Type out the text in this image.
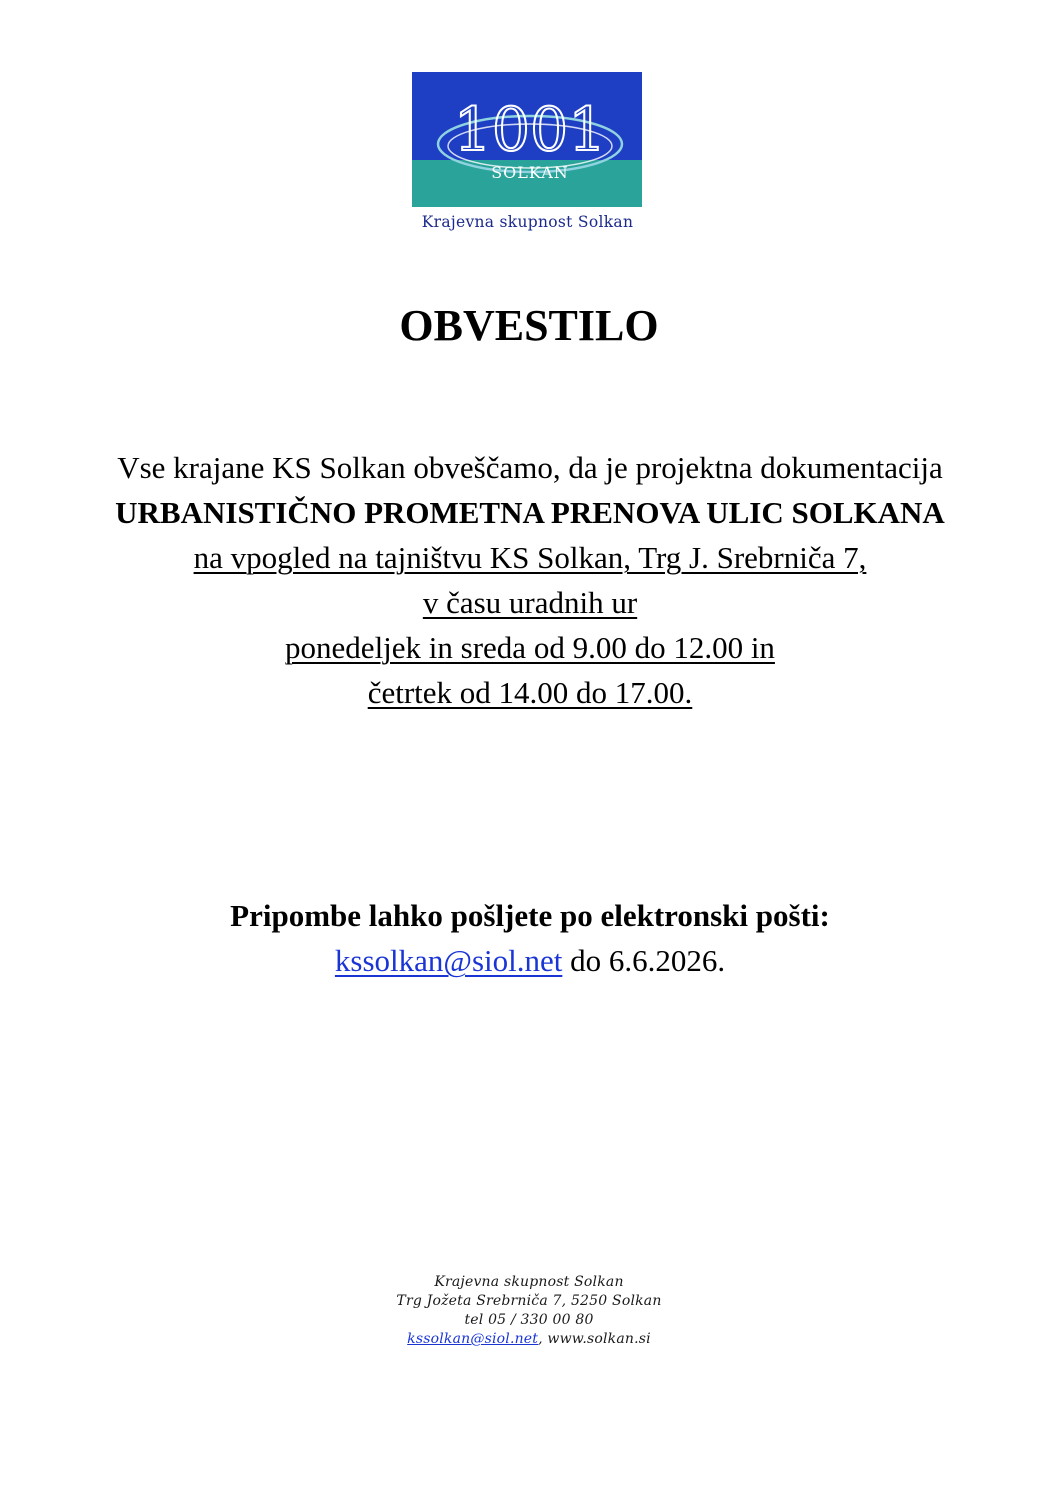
1001
SOLKAN
Krajevna skupnost Solkan
OBVESTILO

Vse krajane KS Solkan obveščamo, da je projektna dokumentacija

URBANISTIČNO PROMETNA PRENOVA ULIC SOLKANA

na vpogled na tajništvu KS Solkan, Trg J. Srebrniča 7,

v času uradnih ur

ponedeljek in sreda od 9.00 do 12.00 in

četrtek od 14.00 do 17.00.

Pripombe lahko pošljete po elektronski pošti:

kssolkan@siol.net do 6.6.2026.

Krajevna skupnost Solkan

Trg Jožeta Srebrniča 7, 5250 Solkan

tel 05 / 330 00 80

kssolkan@siol.net, www.solkan.si
